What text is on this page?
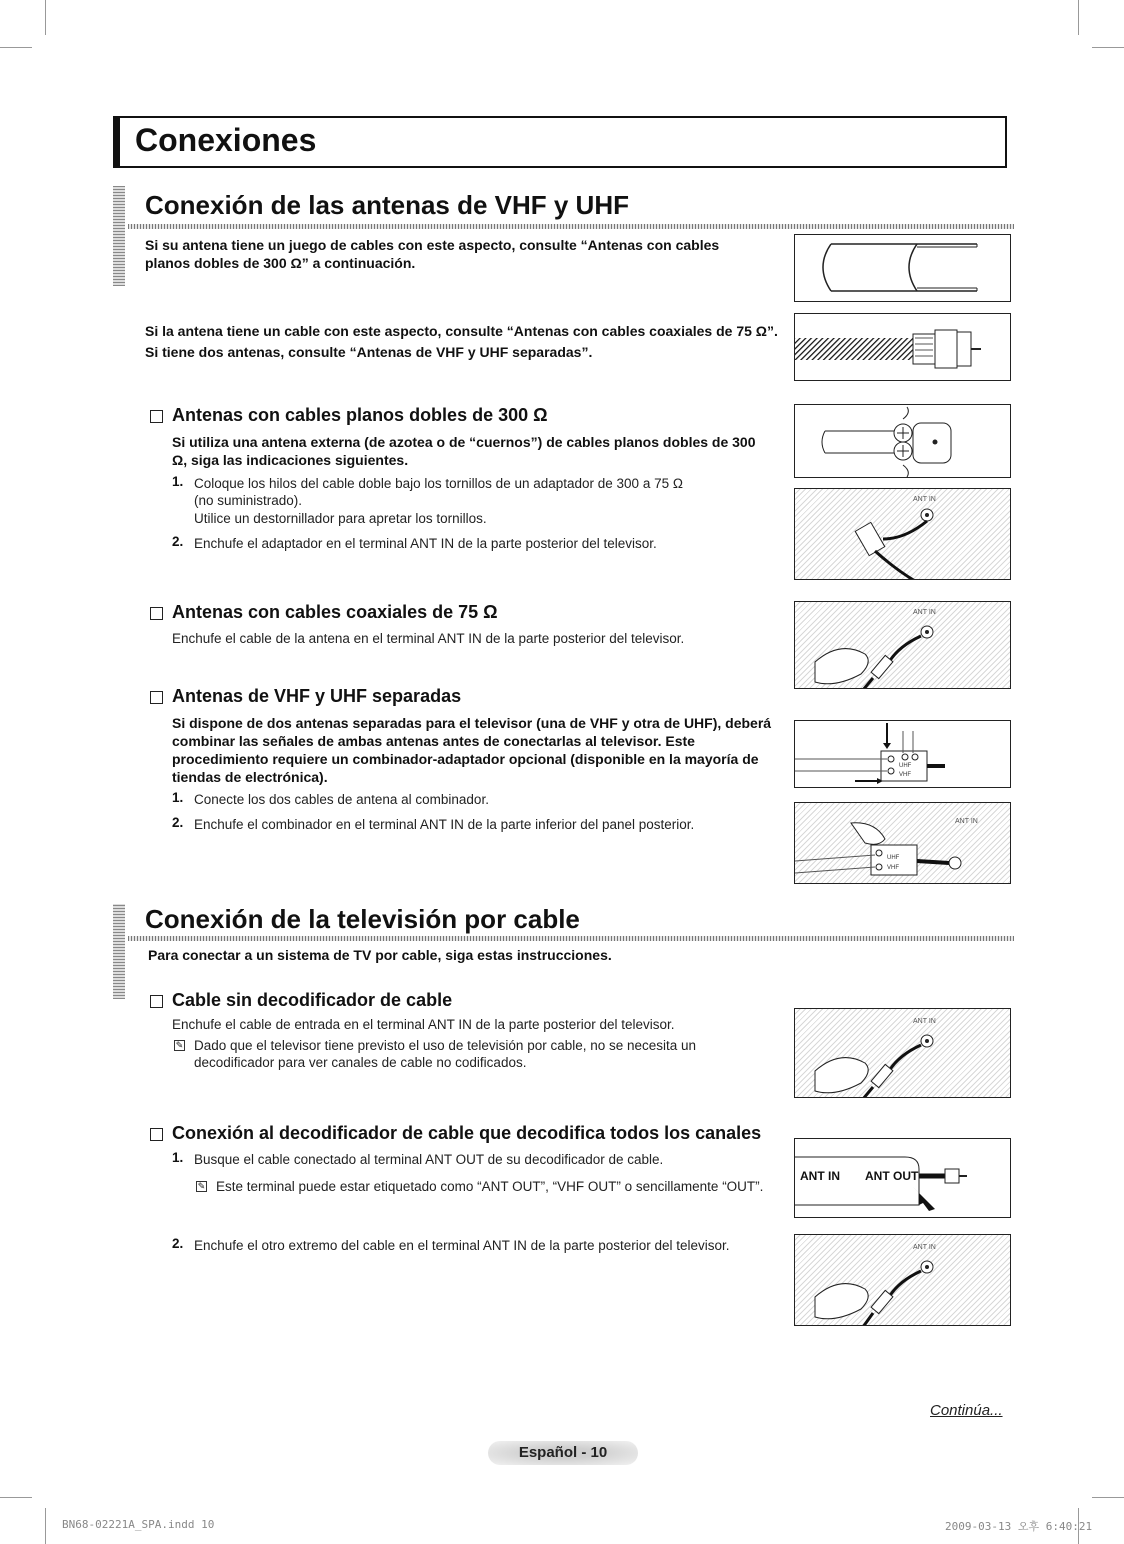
Conexiones
Conexión de las antenas de VHF y UHF
Si su antena tiene un juego de cables con este aspecto, consulte “Antenas con cables planos dobles de 300 Ω” a continuación.
Si la antena tiene un cable con este aspecto, consulte “Antenas con cables coaxiales de 75 Ω”.
Si tiene dos antenas, consulte “Antenas de VHF y UHF separadas”.
Antenas con cables planos dobles de 300 Ω
Si utiliza una antena externa (de azotea o de “cuernos”) de cables planos dobles de 300 Ω, siga las indicaciones siguientes.
1. Coloque los hilos del cable doble bajo los tornillos de un adaptador de 300 a 75 Ω
(no suministrado).
Utilice un destornillador para apretar los tornillos.
2. Enchufe el adaptador en el terminal ANT IN de la parte posterior del televisor.
Antenas con cables coaxiales de 75 Ω
Enchufe el cable de la antena en el terminal ANT IN de la parte posterior del televisor.
Antenas de VHF y UHF separadas
Si dispone de dos antenas separadas para el televisor (una de VHF y otra de UHF), deberá combinar las señales de ambas antenas antes de conectarlas al televisor. Este procedimiento requiere un combinador-adaptador opcional (disponible en la mayoría de tiendas de electrónica).
1. Conecte los dos cables de antena al combinador.
2. Enchufe el combinador en el terminal ANT IN de la parte inferior del panel posterior.
Conexión de la televisión por cable
Para conectar a un sistema de TV por cable, siga estas instrucciones.
Cable sin decodificador de cable
Enchufe el cable de entrada en el terminal ANT IN de la parte posterior del televisor.
✎ Dado que el televisor tiene previsto el uso de televisión por cable, no se necesita un decodificador para ver canales de cable no codificados.
Conexión al decodificador de cable que decodifica todos los canales
1. Busque el cable conectado al terminal ANT OUT de su decodificador de cable.
✎ Este terminal puede estar etiquetado como “ANT OUT”, “VHF OUT” o sencillamente “OUT”.
2. Enchufe el otro extremo del cable en el terminal ANT IN de la parte posterior del televisor.
ANT IN
ANT IN
UHF
VHF
ANT IN
UHF
VHF
ANT IN
ANT IN ANT OUT
ANT IN
Continúa...
Español - 10
BN68-02221A_SPA.indd 10	2009-03-13 오후 6:40:21
